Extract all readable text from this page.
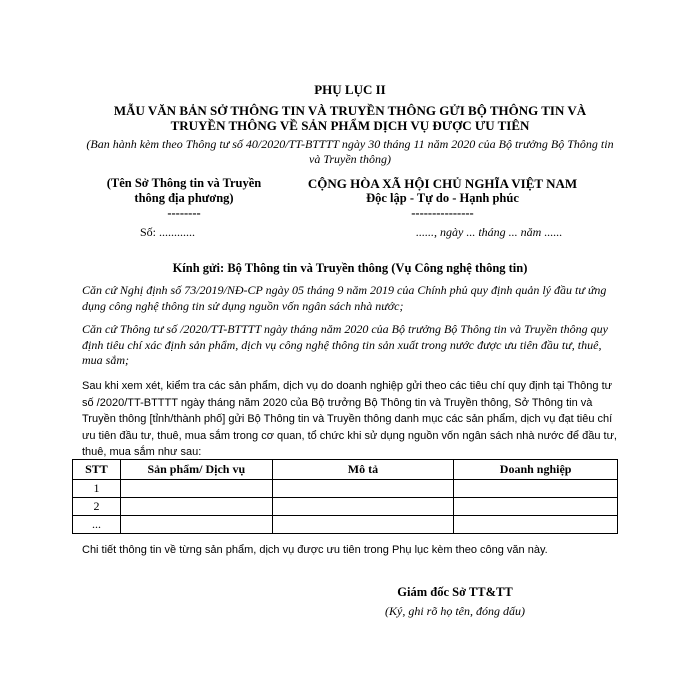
PHỤ LỤC II
MẪU VĂN BẢN SỞ THÔNG TIN VÀ TRUYỀN THÔNG GỬI BỘ THÔNG TIN VÀ TRUYỀN THÔNG VỀ SẢN PHẨM DỊCH VỤ ĐƯỢC ƯU TIÊN
(Ban hành kèm theo Thông tư số 40/2020/TT-BTTTT ngày 30 tháng 11 năm 2020 của Bộ trưởng Bộ Thông tin và Truyền thông)
(Tên Sở Thông tin và Truyền thông địa phương)
--------
CỘNG HÒA XÃ HỘI CHỦ NGHĨA VIỆT NAM
Độc lập - Tự do - Hạnh phúc
---------------
Số: ............	......, ngày ... tháng ... năm ......
Kính gửi: Bộ Thông tin và Truyền thông (Vụ Công nghệ thông tin)
Căn cứ Nghị định số 73/2019/NĐ-CP ngày 05 tháng 9 năm 2019 của Chính phủ quy định quản lý đầu tư ứng dụng công nghệ thông tin sử dụng nguồn vốn ngân sách nhà nước;
Căn cứ Thông tư số /2020/TT-BTTTT ngày tháng năm 2020 của Bộ trưởng Bộ Thông tin và Truyền thông quy định tiêu chí xác định sản phẩm, dịch vụ công nghệ thông tin sản xuất trong nước được ưu tiên đầu tư, thuê, mua sắm;
Sau khi xem xét, kiểm tra các sản phẩm, dịch vụ do doanh nghiệp gửi theo các tiêu chí quy định tại Thông tư số /2020/TT-BTTTT ngày tháng năm 2020 của Bộ trưởng Bộ Thông tin và Truyền thông, Sở Thông tin và Truyền thông [tỉnh/thành phố] gửi Bộ Thông tin và Truyền thông danh mục các sản phẩm, dịch vụ đạt tiêu chí ưu tiên đầu tư, thuê, mua sắm trong cơ quan, tổ chức khi sử dụng nguồn vốn ngân sách nhà nước để đầu tư, thuê, mua sắm như sau:
STT	Sản phẩm/ Dịch vụ	Mô tả	Doanh nghiệp
1			
2			
...			
Chi tiết thông tin về từng sản phẩm, dịch vụ được ưu tiên trong Phụ lục kèm theo công văn này.
Giám đốc Sở TT&TT
(Ký, ghi rõ họ tên, đóng dấu)
